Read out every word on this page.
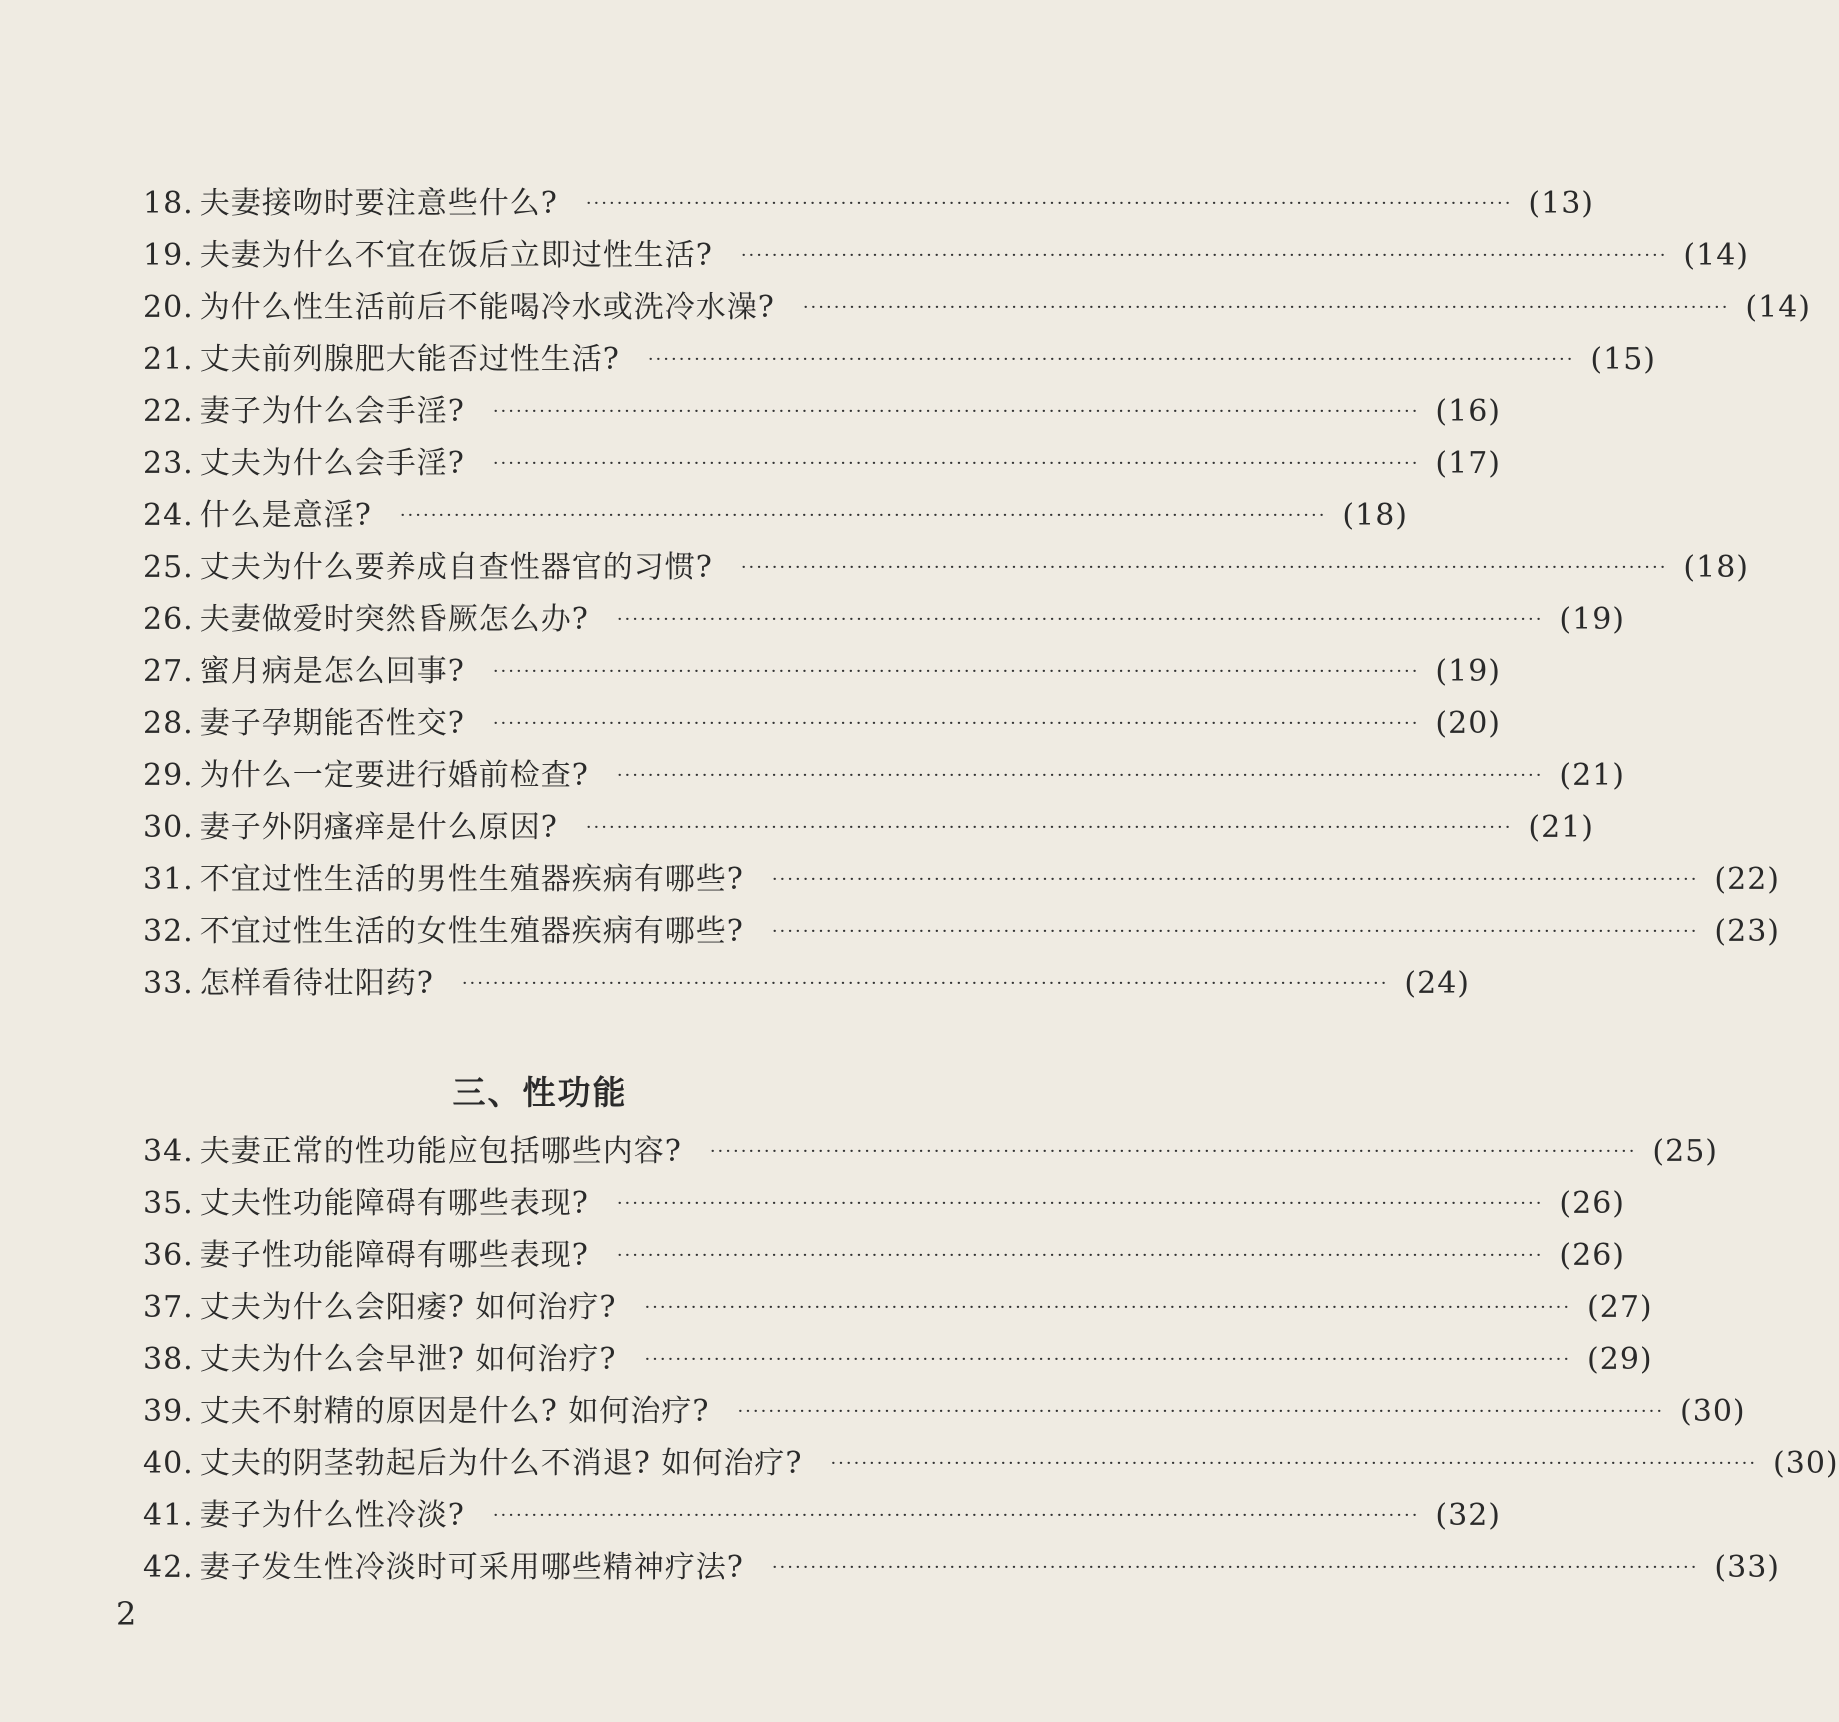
18. 夫妻接吻时要注意些什么? ························································································································ (13)
19. 夫妻为什么不宜在饭后立即过性生活? ························································································································ (14)
20. 为什么性生活前后不能喝冷水或洗冷水澡? ························································································································ (14)
21. 丈夫前列腺肥大能否过性生活? ························································································································ (15)
22. 妻子为什么会手淫? ························································································································ (16)
23. 丈夫为什么会手淫? ························································································································ (17)
24. 什么是意淫? ························································································································ (18)
25. 丈夫为什么要养成自查性器官的习惯? ························································································································ (18)
26. 夫妻做爱时突然昏厥怎么办? ························································································································ (19)
27. 蜜月病是怎么回事? ························································································································ (19)
28. 妻子孕期能否性交? ························································································································ (20)
29. 为什么一定要进行婚前检查? ························································································································ (21)
30. 妻子外阴瘙痒是什么原因? ························································································································ (21)
31. 不宜过性生活的男性生殖器疾病有哪些? ························································································································ (22)
32. 不宜过性生活的女性生殖器疾病有哪些? ························································································································ (23)
33. 怎样看待壮阳药? ························································································································ (24)
三、性功能
34. 夫妻正常的性功能应包括哪些内容? ························································································································ (25)
35. 丈夫性功能障碍有哪些表现? ························································································································ (26)
36. 妻子性功能障碍有哪些表现? ························································································································ (26)
37. 丈夫为什么会阳痿? 如何治疗? ························································································································ (27)
38. 丈夫为什么会早泄? 如何治疗? ························································································································ (29)
39. 丈夫不射精的原因是什么? 如何治疗? ························································································································ (30)
40. 丈夫的阴茎勃起后为什么不消退? 如何治疗? ························································································································ (30)
41. 妻子为什么性冷淡? ························································································································ (32)
42. 妻子发生性冷淡时可采用哪些精神疗法? ························································································································ (33)
2
